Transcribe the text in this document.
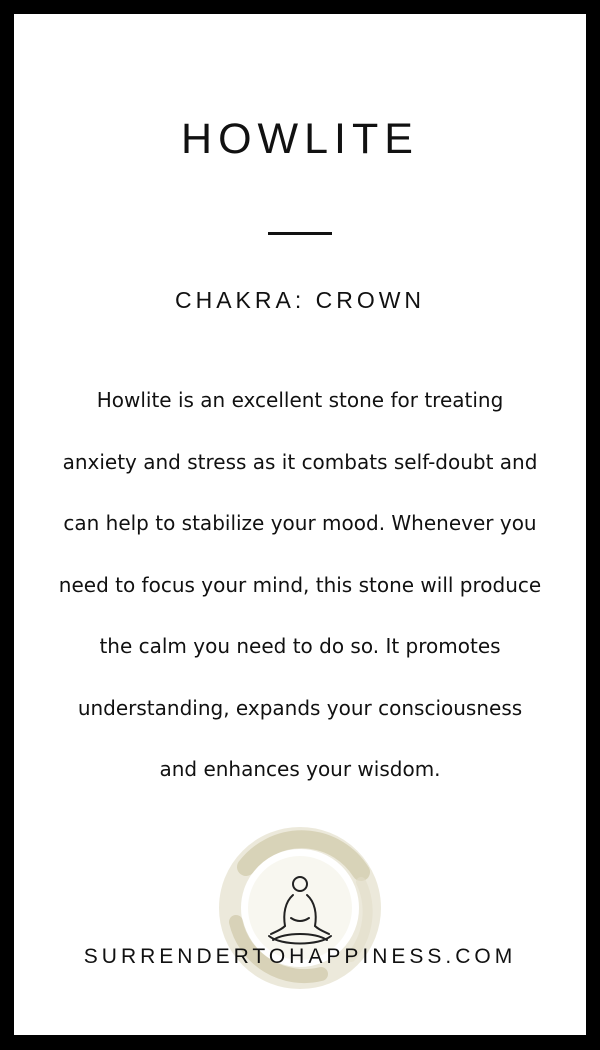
HOWLITE
CHAKRA: CROWN
Howlite is an excellent stone for treating
anxiety and stress as it combats self-doubt and
can help to stabilize your mood. Whenever you
need to focus your mind, this stone will produce
the calm you need to do so. It promotes
understanding, expands your consciousness
and enhances your wisdom.
SURRENDERTOHAPPINESS.COM
